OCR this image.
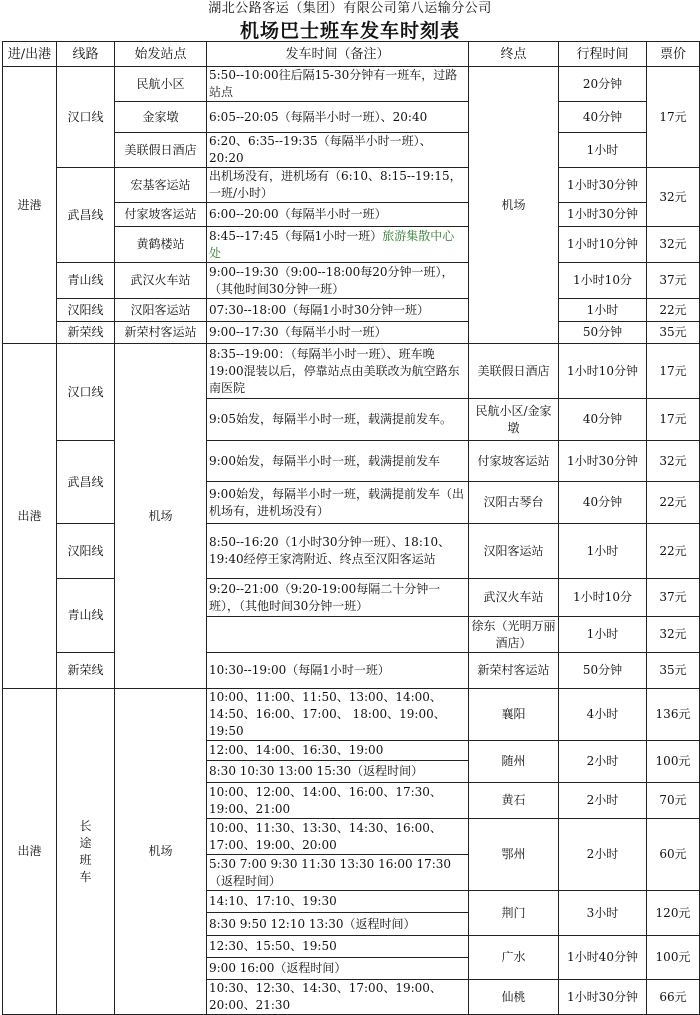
湖北公路客运（集团）有限公司第八运输分公司
机场巴士班车发车时刻表
进/出港	线路	始发站点	发车时间（备注）	终点	行程时间	票价
进港	汉口线	民航小区	5:50--10:00往后隔15-30分钟有一班车，过路站点	机场	20分钟	17元
		金家墩	6:05--20:05（每隔半小时一班）、20:40		40分钟	
		美联假日酒店	6:20、6:35--19:35（每隔半小时一班）、20:20		1小时	
	武昌线	宏基客运站	出机场没有，进机场有（6:10、8:15--19:15，一班/小时）		1小时30分钟	32元
		付家坡客运站	6:00--20:00（每隔半小时一班）		1小时30分钟	
		黄鹤楼站	8:45--17:45（每隔1小时一班）旅游集散中心处		1小时10分钟	32元
	青山线	武汉火车站	9:00--19:30（9:00--18:00每20分钟一班），（其他时间30分钟一班）		1小时10分	37元
	汉阳线	汉阳客运站	07:30--18:00（每隔1小时30分钟一班）		1小时	22元
	新荣线	新荣村客运站	9:00--17:30（每隔半小时一班）		50分钟	35元

出港	汉口线	机场	8:35--19:00：（每隔半小时一班）、班车晚19:00混装以后，停靠站点由美联改为航空路东南医院	美联假日酒店	1小时10分钟	17元
			9:05始发，每隔半小时一班，载满提前发车。	民航小区/金家墩	40分钟	17元
	武昌线		9:00始发，每隔半小时一班，载满提前发车	付家坡客运站	1小时30分钟	32元
			9:00始发，每隔半小时一班，载满提前发车（出机场有，进机场没有）	汉阳古琴台	40分钟	22元
	汉阳线		8:50--16:20（1小时30分钟一班）、18:10、19:40经停王家湾附近、终点至汉阳客运站	汉阳客运站	1小时	22元
	青山线		9:20--21:00（9:20-19:00每隔二十分钟一班），（其他时间30分钟一班）	武汉火车站	1小时10分	37元
				徐东（光明万丽酒店）	1小时	32元
	新荣线		10:30--19:00（每隔1小时一班）	新荣村客运站	50分钟	35元

出港	长途班车	机场	10:00、11:00、11:50、13:00、14:00、14:50、16:00、17:00、 18:00、19:00、19:50	襄阳	4小时	136元
			12:00、14:00、16:30、19:00	随州	2小时	100元
			8:30 10:30 13:00 15:30（返程时间）			
			10:00、12:00、14:00、16:00、17:30、19:00、21:00	黄石	2小时	70元
			10:00、11:30、13:30、14:30、16:00、17:00、19:00、20:00	鄂州	2小时	60元
			5:30 7:00 9:30 11:30 13:30 16:00 17:30（返程时间）			
			14:10、17:10、19:30	荆门	3小时	120元
			8:30 9:50 12:10 13:30（返程时间）			
			12:30、15:50、19:50	广水	1小时40分钟	100元
			9:00 16:00（返程时间）			
			10:30、12:30、14:30、17:00、19:00、20:00、21:30	仙桃	1小时30分钟	66元
